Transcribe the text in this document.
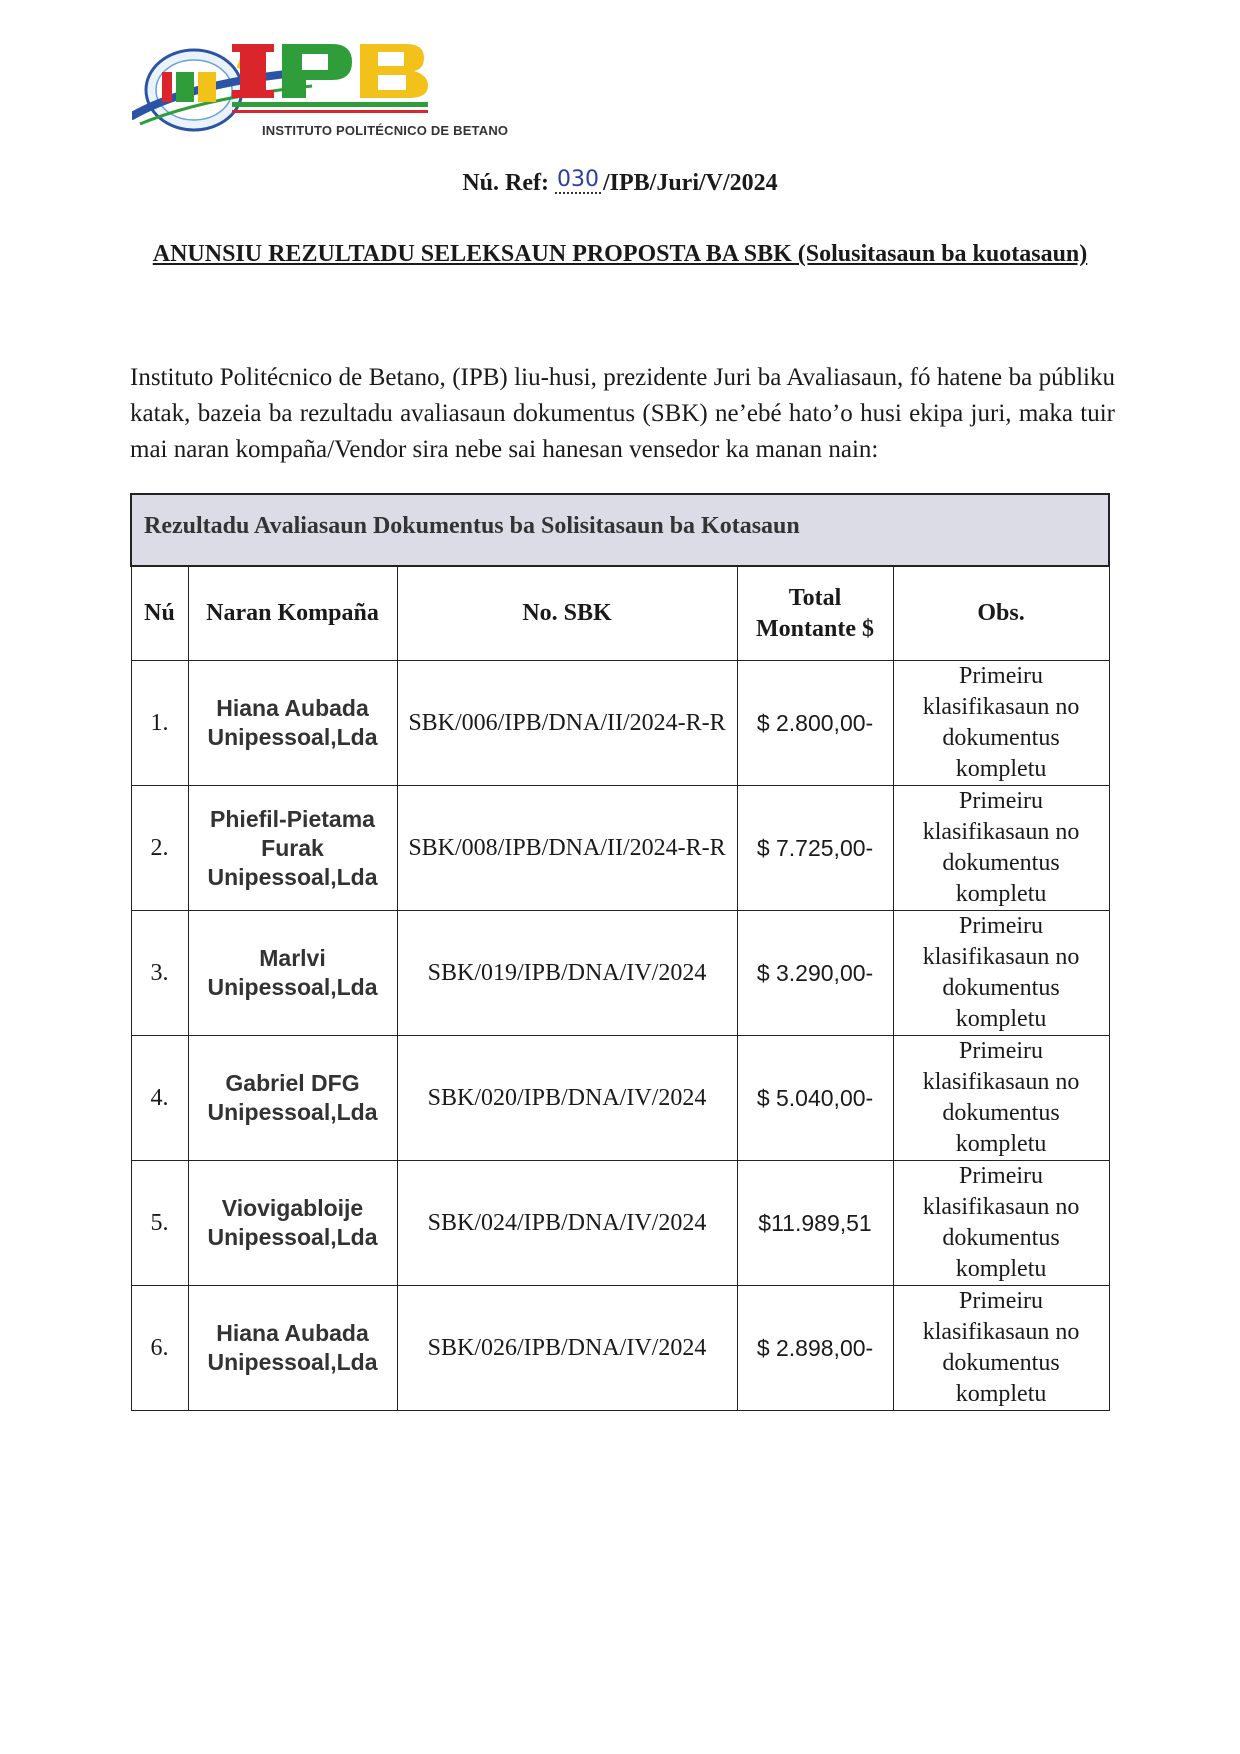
INSTITUTO POLITÉCNICO DE BETANO
Nú. Ref: 030 /IPB/Juri/V/2024
ANUNSIU REZULTADU SELEKSAUN PROPOSTA BA SBK (Solusitasaun ba kuotasaun)
Instituto Politécnico de Betano, (IPB) liu-husi, prezidente Juri ba Avaliasaun, fó hatene ba públiku katak, bazeia ba rezultadu avaliasaun dokumentus (SBK) ne’ebé hato’o husi ekipa juri, maka tuir mai naran kompaña/Vendor sira nebe sai hanesan vensedor ka manan nain:
Rezultadu Avaliasaun Dokumentus ba Solisitasaun ba Kotasaun				
Nú	Naran Kompaña	No. SBK	Total Montante $	Obs.
1.	Hiana Aubada Unipessoal,Lda	SBK/006/IPB/DNA/II/2024-R-R	$ 2.800,00-	Primeiru klasifikasaun no dokumentus kompletu
2.	Phiefil-Pietama Furak Unipessoal,Lda	SBK/008/IPB/DNA/II/2024-R-R	$ 7.725,00-	Primeiru klasifikasaun no dokumentus kompletu
3.	Marlvi Unipessoal,Lda	SBK/019/IPB/DNA/IV/2024	$ 3.290,00-	Primeiru klasifikasaun no dokumentus kompletu
4.	Gabriel DFG Unipessoal,Lda	SBK/020/IPB/DNA/IV/2024	$ 5.040,00-	Primeiru klasifikasaun no dokumentus kompletu
5.	Viovigabloije Unipessoal,Lda	SBK/024/IPB/DNA/IV/2024	$11.989,51	Primeiru klasifikasaun no dokumentus kompletu
6.	Hiana Aubada Unipessoal,Lda	SBK/026/IPB/DNA/IV/2024	$ 2.898,00-	Primeiru klasifikasaun no dokumentus kompletu
